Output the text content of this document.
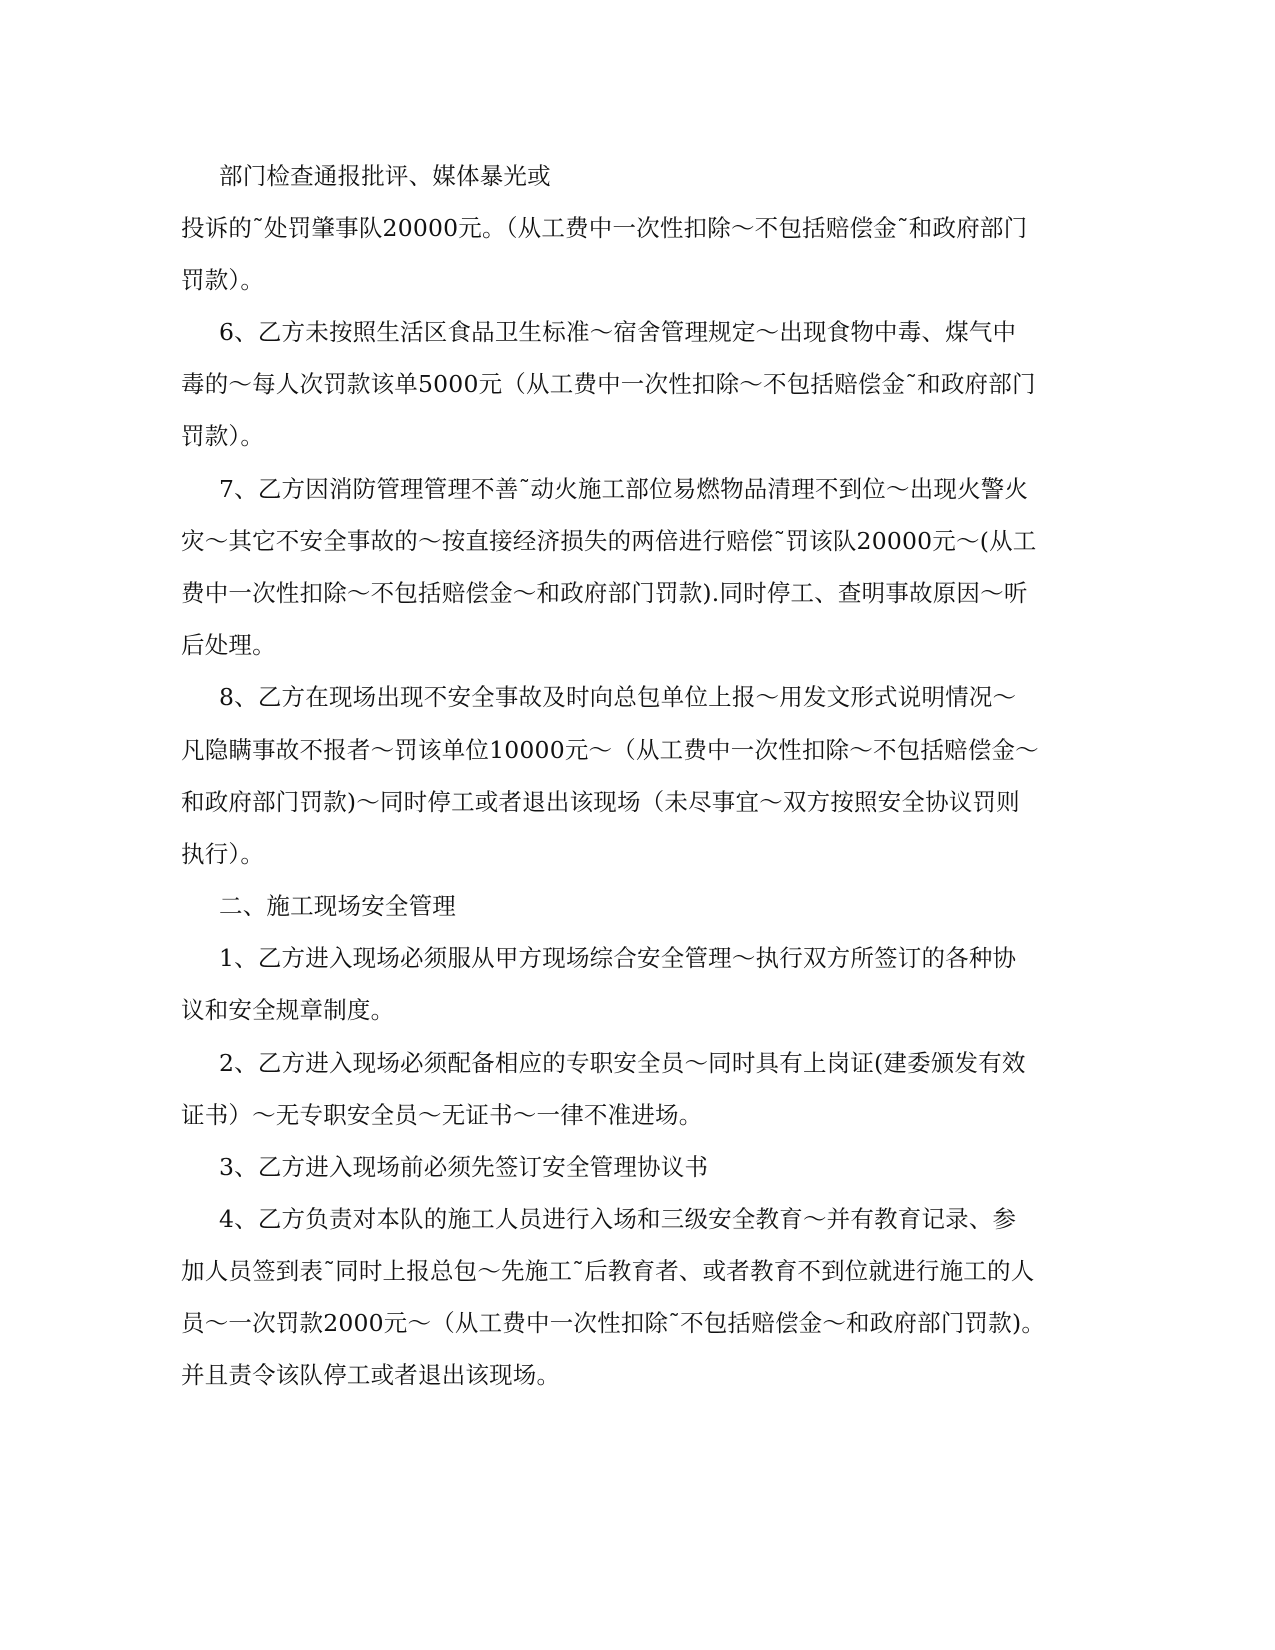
部门检查通报批评、媒体暴光或
投诉的˜处罚肇事队20000元。（从工费中一次性扣除～不包括赔偿金˜和政府部门
罚款）。
6、乙方未按照生活区食品卫生标准～宿舍管理规定～出现食物中毒、煤气中
毒的～每人次罚款该单5000元（从工费中一次性扣除～不包括赔偿金˜和政府部门
罚款）。
7、乙方因消防管理管理不善˜动火施工部位易燃物品清理不到位～出现火警火
灾～其它不安全事故的～按直接经济损失的两倍进行赔偿˜罚该队20000元～(从工
费中一次性扣除～不包括赔偿金～和政府部门罚款).同时停工、查明事故原因～听
后处理。
8、乙方在现场出现不安全事故及时向总包单位上报～用发文形式说明情况～
凡隐瞒事故不报者～罚该单位10000元～（从工费中一次性扣除～不包括赔偿金～
和政府部门罚款)～同时停工或者退出该现场（未尽事宜～双方按照安全协议罚则
执行）。
二、施工现场安全管理
1、乙方进入现场必须服从甲方现场综合安全管理～执行双方所签订的各种协
议和安全规章制度。
2、乙方进入现场必须配备相应的专职安全员～同时具有上岗证(建委颁发有效
证书）～无专职安全员～无证书～一律不准进场。
3、乙方进入现场前必须先签订安全管理协议书
4、乙方负责对本队的施工人员进行入场和三级安全教育～并有教育记录、参
加人员签到表˜同时上报总包～先施工˜后教育者、或者教育不到位就进行施工的人
员～一次罚款2000元～（从工费中一次性扣除˜不包括赔偿金～和政府部门罚款)。
并且责令该队停工或者退出该现场。
